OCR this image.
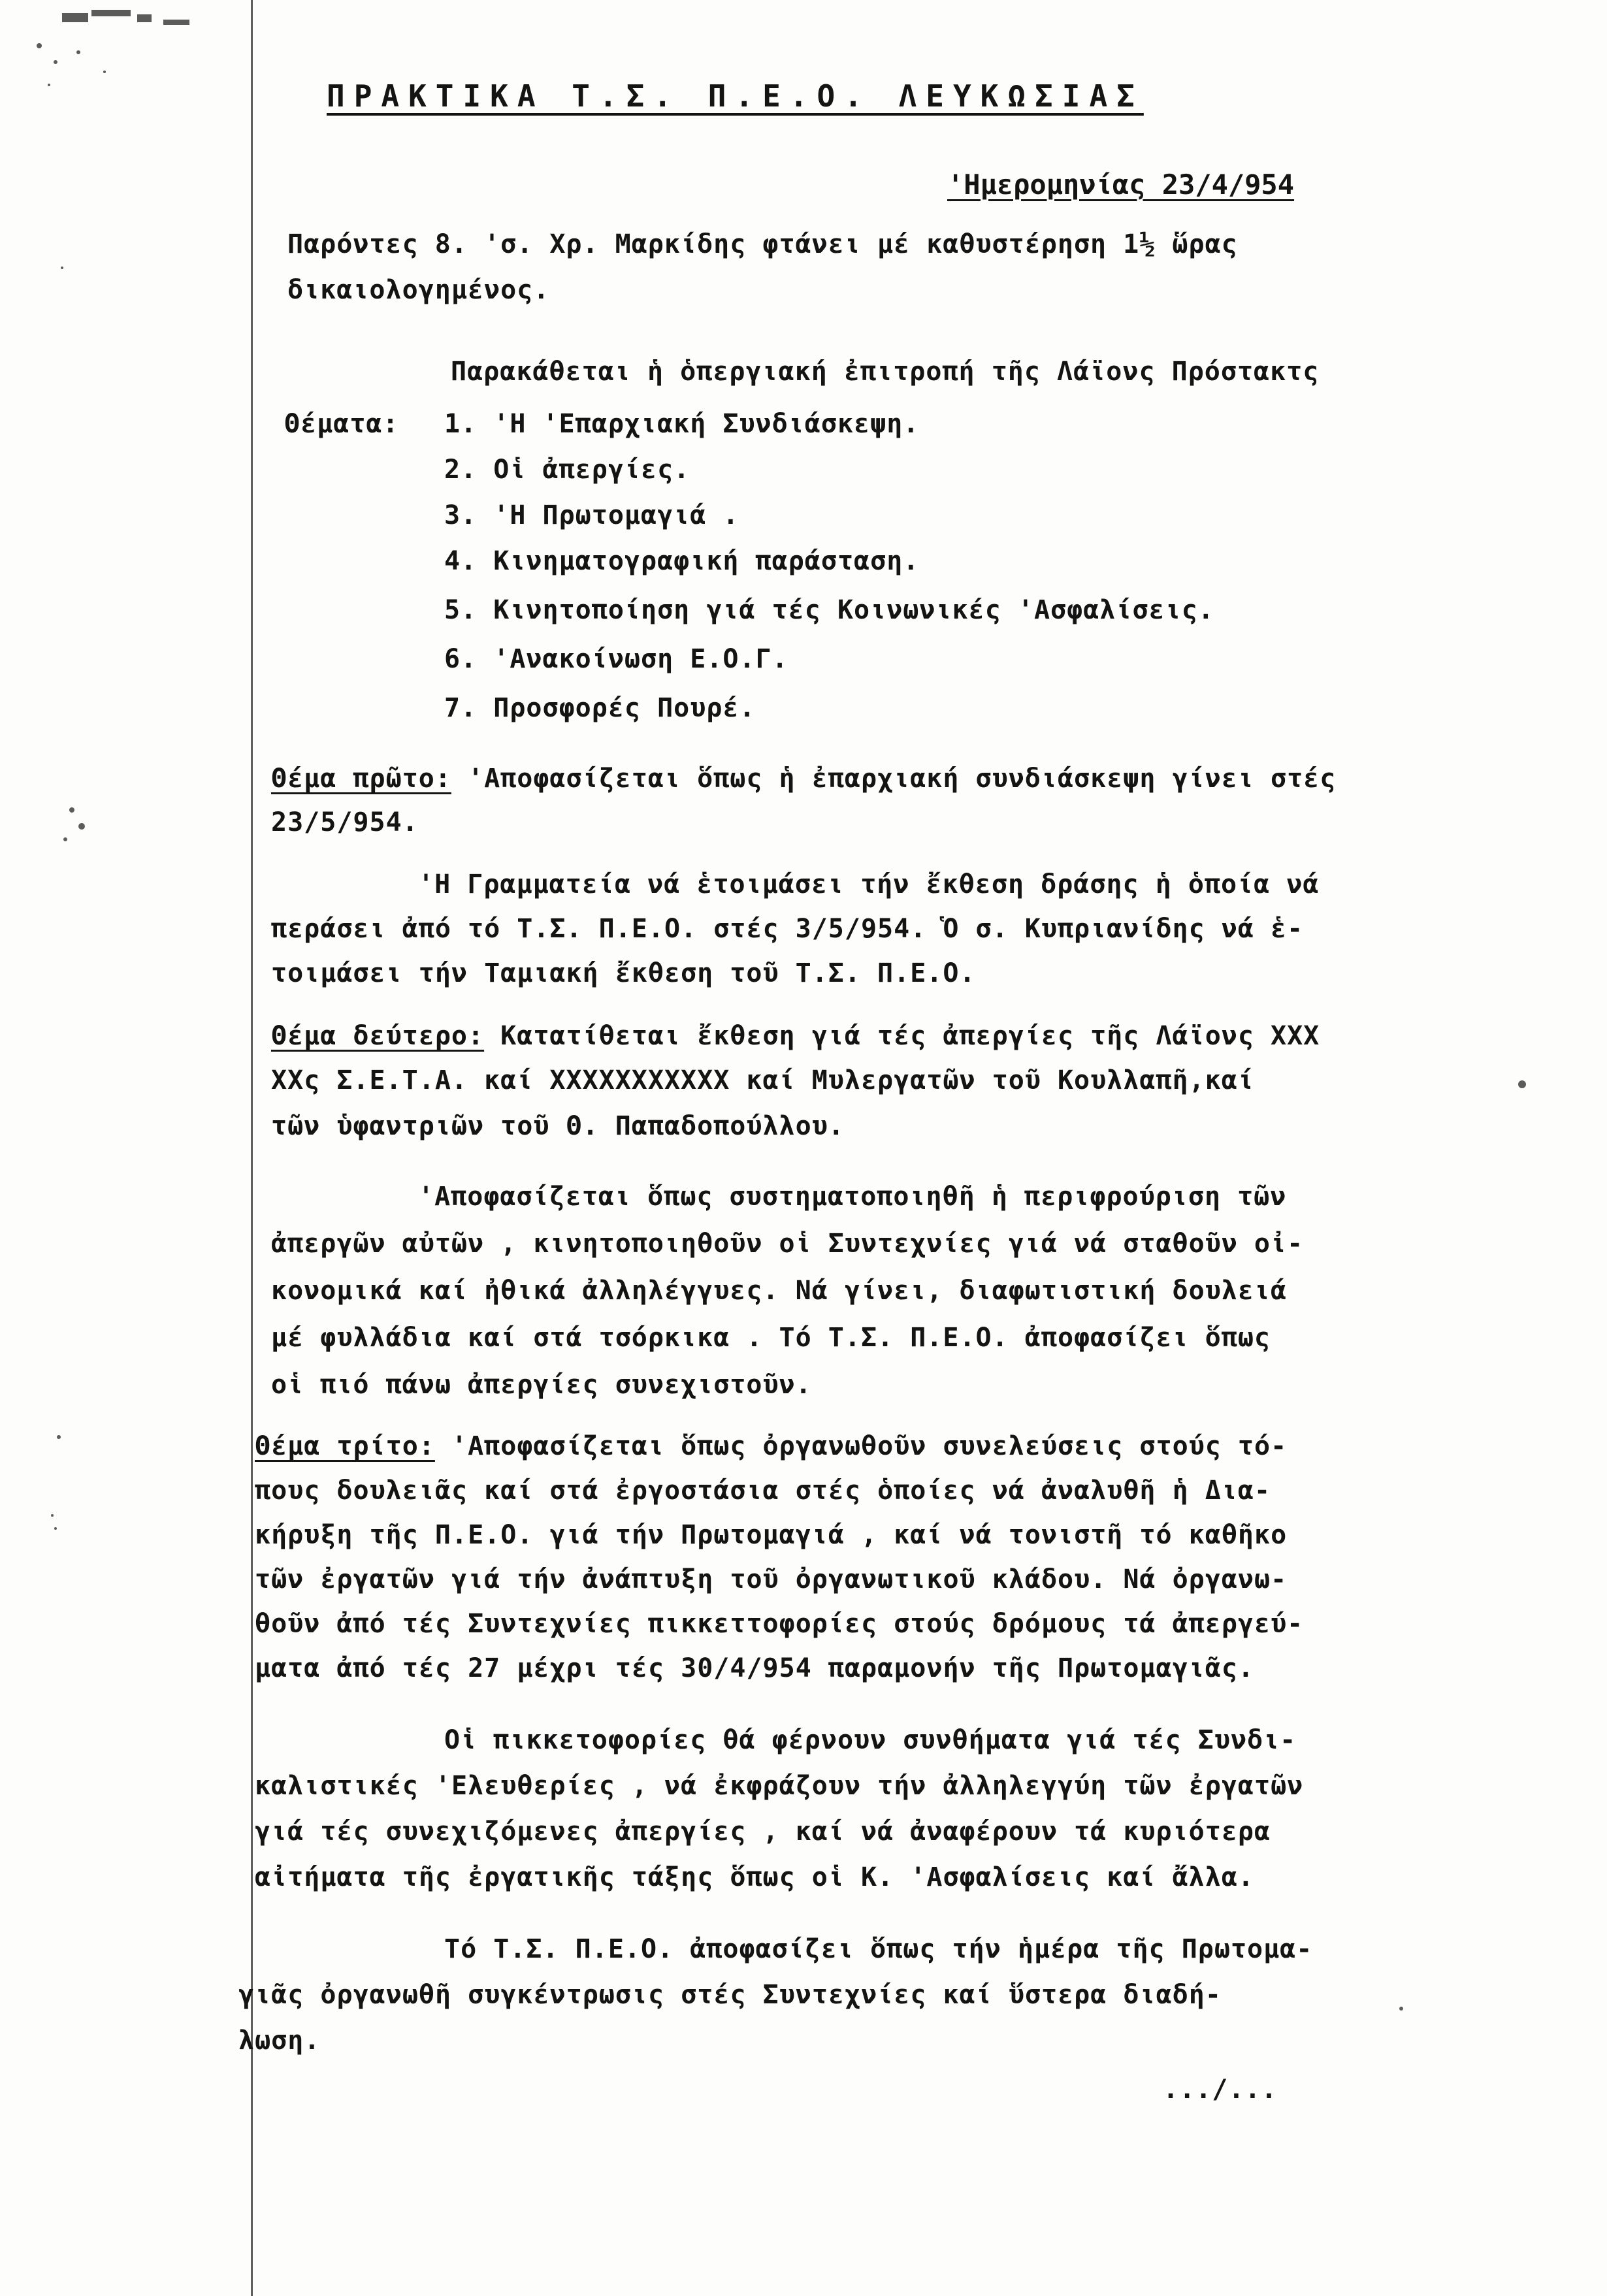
ΠΡΑΚΤΙΚΑ Τ.Σ. Π.Ε.Ο. ΛΕΥΚΩΣΙΑΣ
'Ημερομηνίας 23/4/954
Παρόντες 8. 'σ. Χρ. Μαρκίδης φτάνει μέ καθυστέρηση 1½ ὥρας
δικαιολογημένος.
Παρακάθεται ἡ ὁπεργιακή ἐπιτροπή τῆς Λάϊονς Πρόστακτς
Θέματα: 1. 'Η 'Επαρχιακή Συνδιάσκεψη.
2. Οἱ ἀπεργίες.
3. 'Η Πρωτομαγιά .
4. Κινηματογραφική παράσταση.
5. Κινητοποίηση γιά τές Κοινωνικές 'Ασφαλίσεις.
6. 'Ανακοίνωση Ε.Ο.Γ.
7. Προσφορές Πουρέ.
Θέμα πρῶτο: 'Αποφασίζεται ὅπως ἡ ἐπαρχιακή συνδιάσκεψη γίνει στές
23/5/954.
'Η Γραμματεία νά ἑτοιμάσει τήν ἔκθεση δράσης ἡ ὁποία νά
περάσει ἀπό τό Τ.Σ. Π.Ε.Ο. στές 3/5/954. Ὁ σ. Κυπριανίδης νά ἑ-
τοιμάσει τήν Ταμιακή ἔκθεση τοῦ Τ.Σ. Π.Ε.Ο.
Θέμα δεύτερο: Κατατίθεται ἔκθεση γιά τές ἀπεργίες τῆς Λάϊονς ΧΧΧ
ΧΧς Σ.Ε.Τ.Α. καί ΧΧΧΧΧΧΧΧΧΧΧ καί Μυλεργατῶν τοῦ Κουλλαπῆ,καί
τῶν ὑφαντριῶν τοῦ Θ. Παπαδοπούλλου.
'Αποφασίζεται ὅπως συστηματοποιηθῆ ἡ περιφρούριση τῶν
ἀπεργῶν αὐτῶν , κινητοποιηθοῦν οἱ Συντεχνίες γιά νά σταθοῦν οἰ-
κονομικά καί ἠθικά ἀλληλέγγυες. Νά γίνει, διαφωτιστική δουλειά
μέ φυλλάδια καί στά τσόρκικα . Τό Τ.Σ. Π.Ε.Ο. ἀποφασίζει ὅπως
οἱ πιό πάνω ἀπεργίες συνεχιστοῦν.
Θέμα τρίτο: 'Αποφασίζεται ὅπως ὀργανωθοῦν συνελεύσεις στούς τό-
πους δουλειᾶς καί στά ἐργοστάσια στές ὁποίες νά ἀναλυθῆ ἡ Δια-
κήρυξη τῆς Π.Ε.Ο. γιά τήν Πρωτομαγιά , καί νά τονιστῆ τό καθῆκο
τῶν ἐργατῶν γιά τήν ἀνάπτυξη τοῦ ὀργανωτικοῦ κλάδου. Νά ὀργανω-
θοῦν ἀπό τές Συντεχνίες πικκεττοφορίες στούς δρόμους τά ἀπεργεύ-
ματα ἀπό τές 27 μέχρι τές 30/4/954 παραμονήν τῆς Πρωτομαγιᾶς.
Οἱ πικκετοφορίες θά φέρνουν συνθήματα γιά τές Συνδι-
καλιστικές 'Ελευθερίες , νά ἐκφράζουν τήν ἀλληλεγγύη τῶν ἐργατῶν
γιά τές συνεχιζόμενες ἀπεργίες , καί νά ἀναφέρουν τά κυριότερα
αἰτήματα τῆς ἐργατικῆς τάξης ὅπως οἱ Κ. 'Ασφαλίσεις καί ἄλλα.
Τό Τ.Σ. Π.Ε.Ο. ἀποφασίζει ὅπως τήν ἡμέρα τῆς Πρωτομα-
γιᾶς ὀργανωθῆ συγκέντρωσις στές Συντεχνίες καί ὕστερα διαδή-
λωση.
.../...
